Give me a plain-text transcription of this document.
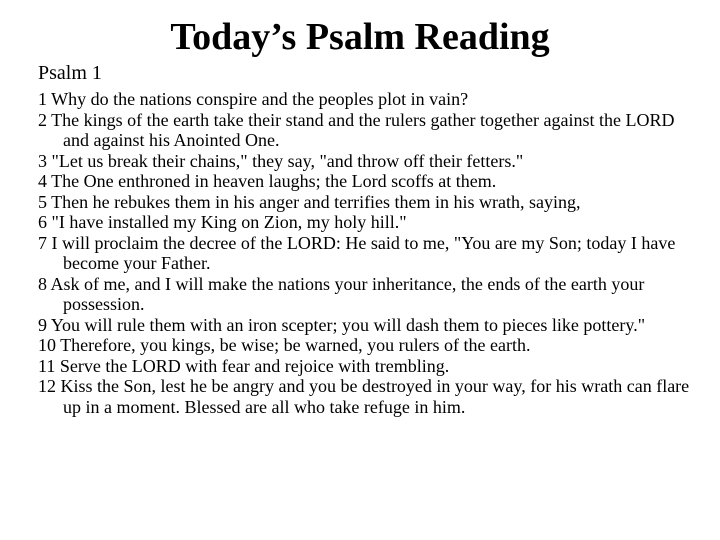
Today’s Psalm Reading
Psalm 1
1 Why do the nations conspire and the peoples plot in vain?
2 The kings of the earth take their stand and the rulers gather together against the LORD and against his Anointed One.
3 "Let us break their chains," they say, "and throw off their fetters."
4 The One enthroned in heaven laughs; the Lord scoffs at them.
5 Then he rebukes them in his anger and terrifies them in his wrath, saying,
6 "I have installed my King on Zion, my holy hill."
7 I will proclaim the decree of the LORD: He said to me, "You are my Son; today I have become your Father.
8 Ask of me, and I will make the nations your inheritance, the ends of the earth your possession.
9 You will rule them with an iron scepter; you will dash them to pieces like pottery."
10 Therefore, you kings, be wise; be warned, you rulers of the earth.
11 Serve the LORD with fear and rejoice with trembling.
12 Kiss the Son, lest he be angry and you be destroyed in your way, for his wrath can flare up in a moment. Blessed are all who take refuge in him.
